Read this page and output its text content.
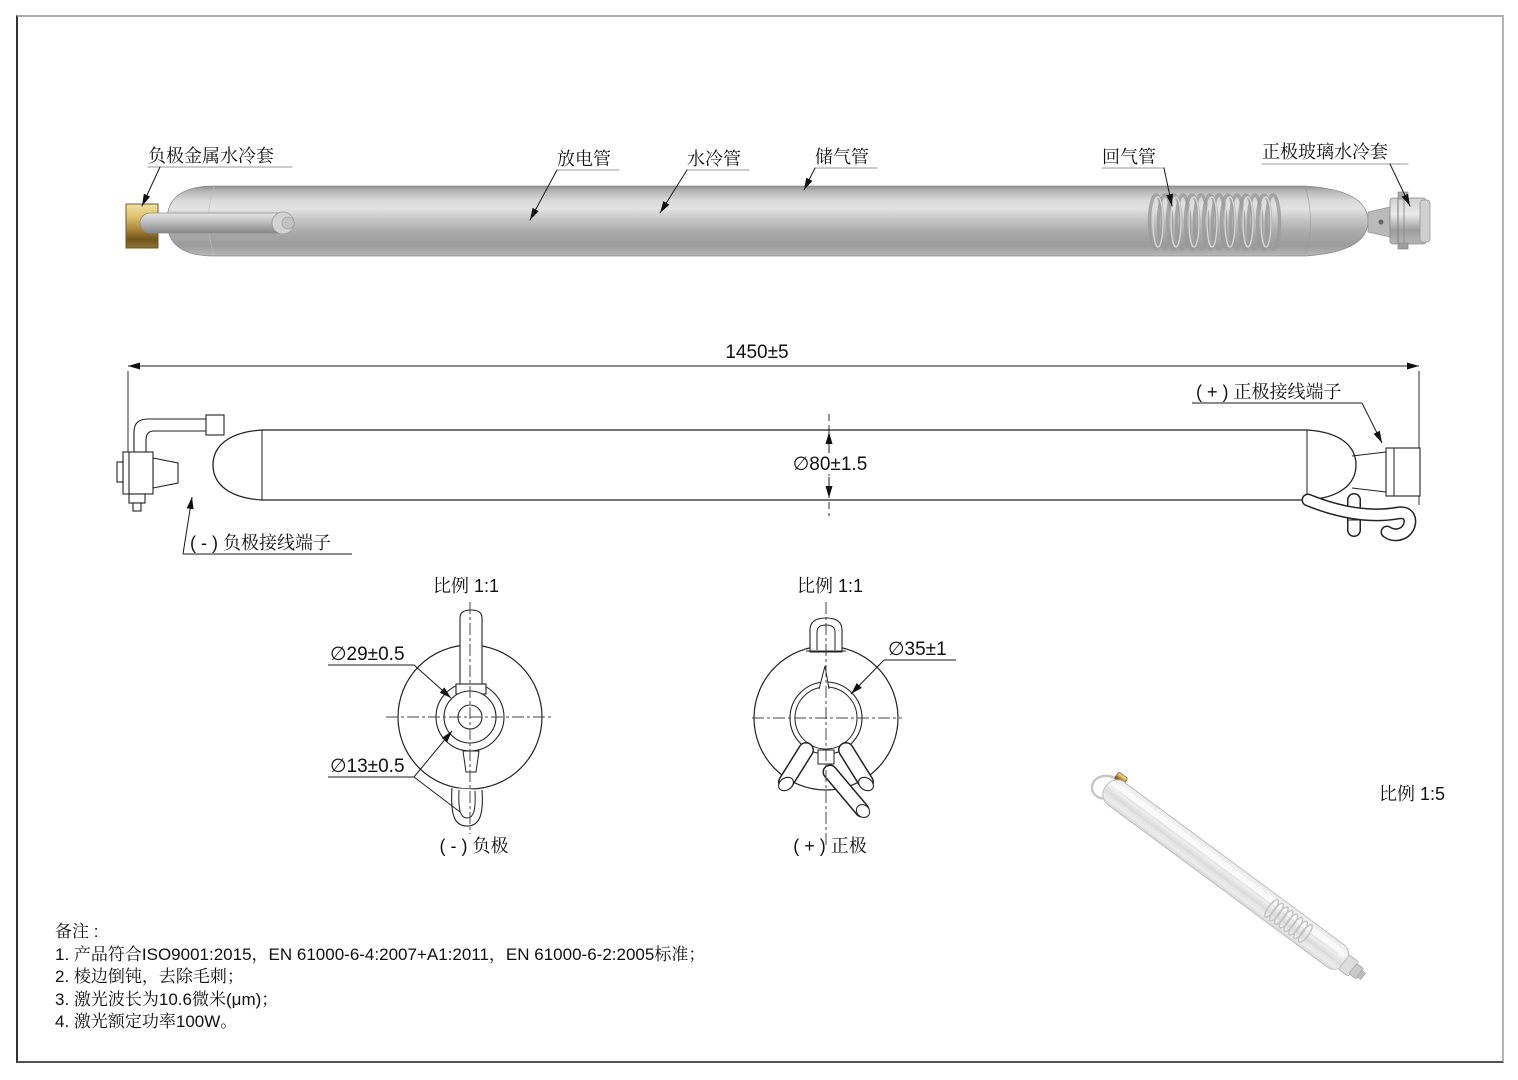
负极金属水冷套	放电管	水冷管	储气管	回气管	正极玻璃水冷套
1450±5
∅80±1.5
( + ) 正极接线端子
( - ) 负极接线端子
比例 1:1
∅29±0.5
∅13±0.5
( - ) 负极
比例 1:1
∅35±1
( + ) 正极
比例 1:5
备注 :
1. 产品符合ISO9001:2015，EN 61000-6-4:2007+A1:2011，EN 61000-6-2:2005标准；
2. 棱边倒钝，去除毛刺；
3. 激光波长为10.6微米(μm)；
4. 激光额定功率100W。
